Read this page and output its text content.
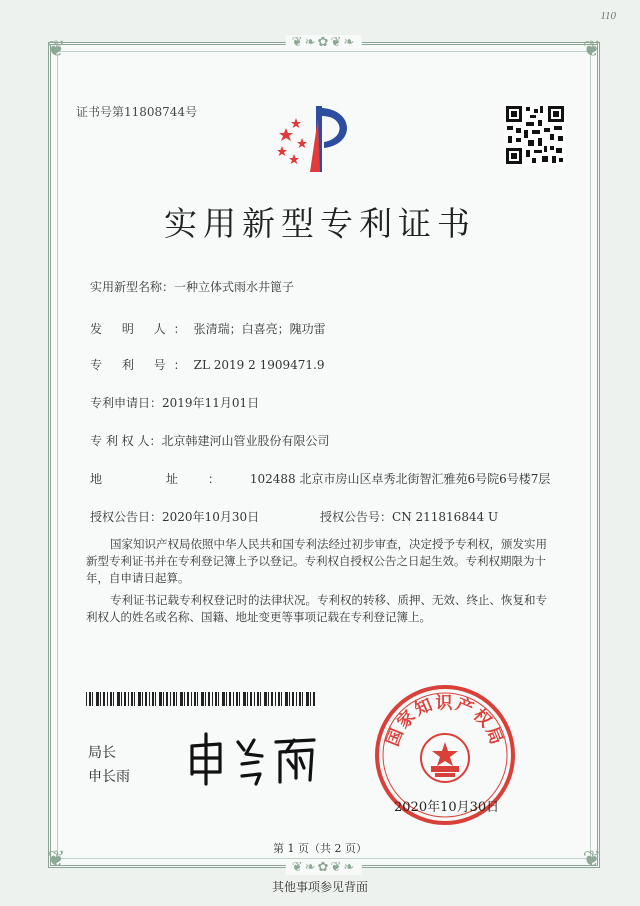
110
❦❧✿❦❧
❦❧✿❦❧
❦	❦
❦	❦
证书号第11808744号
实用新型专利证书
实用新型名称：一种立体式雨水井篦子
发 明 人：张清瑞；白喜亮；隗功雷
专 利 号：ZL 2019 2 1909471.9
专利申请日：2019年11月01日
专 利 权 人：北京韩建河山管业股份有限公司
地 址：102488 北京市房山区卓秀北街智汇雅苑6号院6号楼7层
授权公告日：2020年10月30日	授权公告号：CN 211816844 U
国家知识产权局依照中华人民共和国专利法经过初步审查，决定授予专利权，颁发实用新型专利证书并在专利登记簿上予以登记。专利权自授权公告之日起生效。专利权期限为十年，自申请日起算。
专利证书记载专利权登记时的法律状况。专利权的转移、质押、无效、终止、恢复和专利权人的姓名或名称、国籍、地址变更等事项记载在专利登记簿上。
局长
申长雨
国家知识产权局
2020年10月30日
第 1 页（共 2 页）
其他事项参见背面
